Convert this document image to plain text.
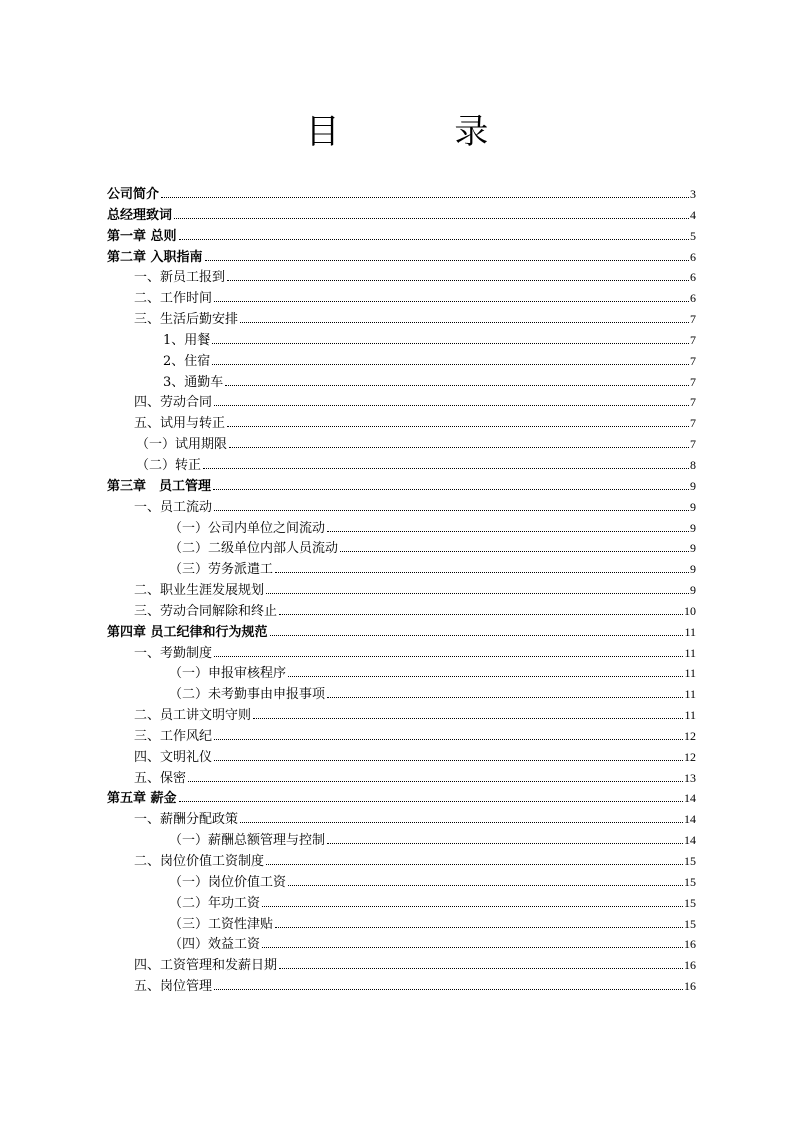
目 录
公司简介	3
总经理致词	4
第一章 总则	5
第二章 入职指南	6
一、新员工报到	6
二、工作时间	6
三、生活后勤安排	7
1、用餐	7
2、住宿	7
3、通勤车	7
四、劳动合同	7
五、试用与转正	7
（一）试用期限	7
（二）转正	8
第三章　员工管理	9
一、员工流动	9
（一）公司内单位之间流动	9
（二）二级单位内部人员流动	9
（三）劳务派遣工	9
二、职业生涯发展规划	9
三、劳动合同解除和终止	10
第四章 员工纪律和行为规范	11
一、考勤制度	11
（一）申报审核程序	11
（二）未考勤事由申报事项	11
二、员工讲文明守则	11
三、工作风纪	12
四、文明礼仪	12
五、保密	13
第五章 薪金	14
一、薪酬分配政策	14
（一）薪酬总额管理与控制	14
二、岗位价值工资制度	15
（一）岗位价值工资	15
（二）年功工资	15
（三）工资性津贴	15
（四）效益工资	16
四、工资管理和发薪日期	16
五、岗位管理	16
